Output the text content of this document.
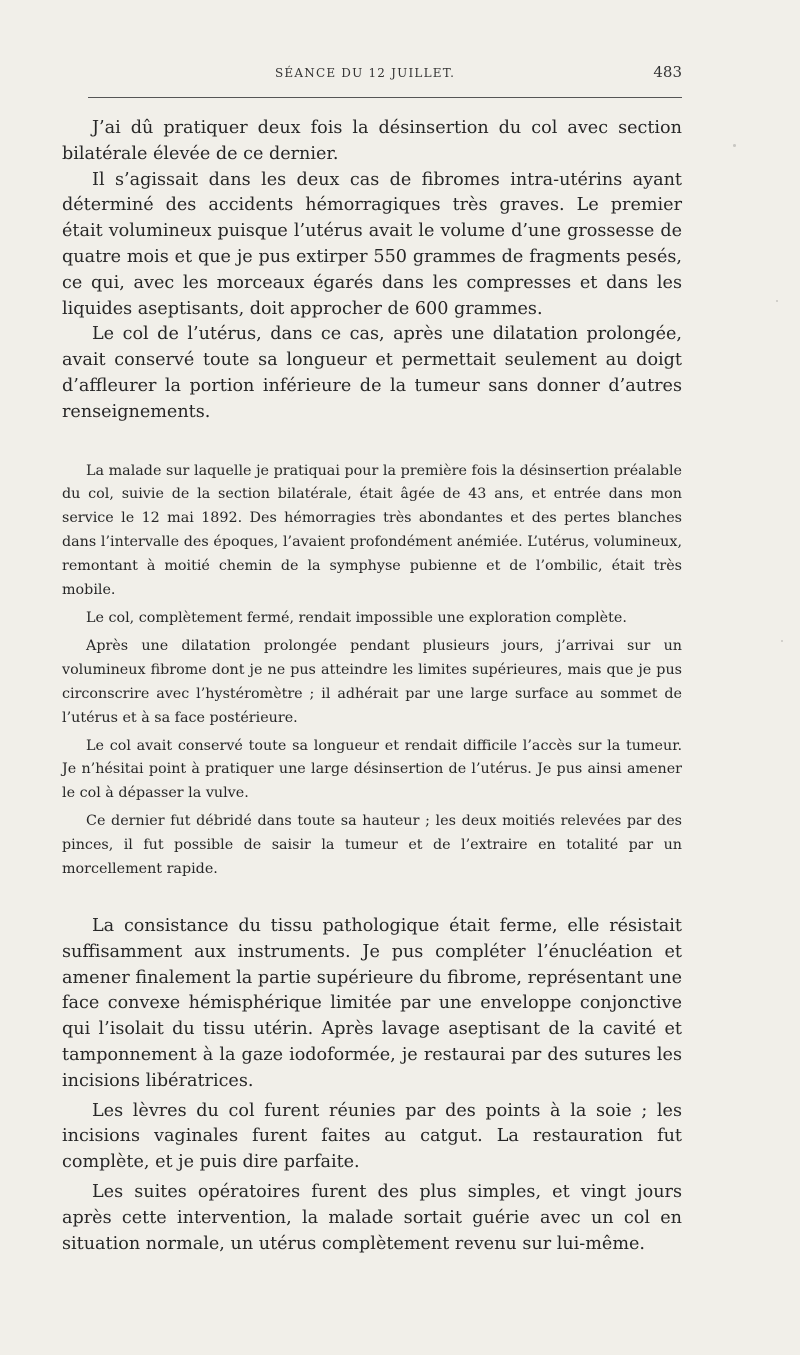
SÉANCE DU 12 JUILLET.	483

J’ai dû pratiquer deux fois la désinsertion du col avec section bilatérale élevée de ce dernier.

Il s’agissait dans les deux cas de fibromes intra-utérins ayant déterminé des accidents hémorragiques très graves. Le premier était volumineux puisque l’utérus avait le volume d’une grossesse de quatre mois et que je pus extirper 550 grammes de fragments pesés, ce qui, avec les morceaux égarés dans les compresses et dans les liquides aseptisants, doit approcher de 600 grammes.

Le col de l’utérus, dans ce cas, après une dilatation prolongée, avait conservé toute sa longueur et permettait seulement au doigt d’affleurer la portion inférieure de la tumeur sans donner d’autres renseignements.

La malade sur laquelle je pratiquai pour la première fois la désinsertion préalable du col, suivie de la section bilatérale, était âgée de 43 ans, et entrée dans mon service le 12 mai 1892. Des hémorragies très abondantes et des pertes blanches dans l’intervalle des époques, l’avaient profondément anémiée. L’utérus, volumineux, remontant à moitié chemin de la symphyse pubienne et de l’ombilic, était très mobile.

Le col, complètement fermé, rendait impossible une exploration complète.

Après une dilatation prolongée pendant plusieurs jours, j’arrivai sur un volumineux fibrome dont je ne pus atteindre les limites supérieures, mais que je pus circonscrire avec l’hystéromètre ; il adhérait par une large surface au sommet de l’utérus et à sa face postérieure.

Le col avait conservé toute sa longueur et rendait difficile l’accès sur la tumeur. Je n’hésitai point à pratiquer une large désinsertion de l’utérus. Je pus ainsi amener le col à dépasser la vulve.

Ce dernier fut débridé dans toute sa hauteur ; les deux moitiés relevées par des pinces, il fut possible de saisir la tumeur et de l’extraire en totalité par un morcellement rapide.

La consistance du tissu pathologique était ferme, elle résistait suffisamment aux instruments. Je pus compléter l’énucléation et amener finalement la partie supérieure du fibrome, représentant une face convexe hémisphérique limitée par une enveloppe conjonctive qui l’isolait du tissu utérin. Après lavage aseptisant de la cavité et tamponnement à la gaze iodoformée, je restaurai par des sutures les incisions libératrices.

Les lèvres du col furent réunies par des points à la soie ; les incisions vaginales furent faites au catgut. La restauration fut complète, et je puis dire parfaite.

Les suites opératoires furent des plus simples, et vingt jours après cette intervention, la malade sortait guérie avec un col en situation normale, un utérus complètement revenu sur lui-même.
